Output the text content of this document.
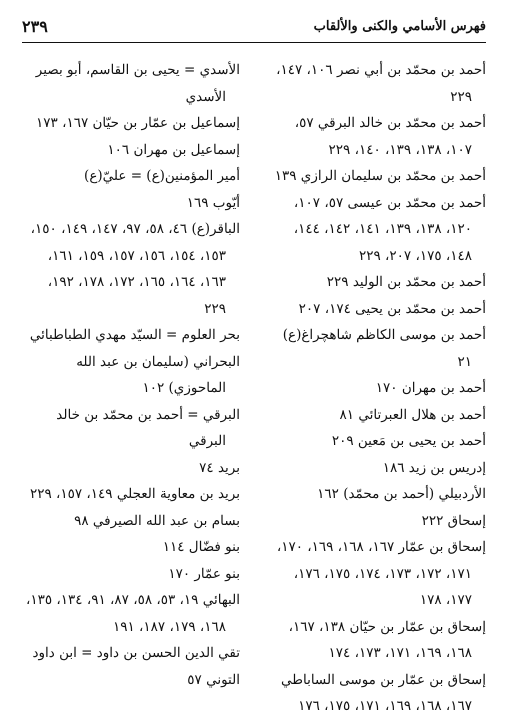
فهرس الأسامي والكنى والألقاب
٢٣٩
أحمد بن محمّد بن أبي نصر ١٠٦، ١٤٧، ٢٢٩
أحمد بن محمّد بن خالد البرقي ٥٧، ١٠٧، ١٣٨، ١٣٩، ١٤٠، ٢٢٩
أحمد بن محمّد بن سليمان الرازي ١٣٩
أحمد بن محمّد بن عيسى ٥٧، ١٠٧، ١٢٠، ١٣٨، ١٣٩، ١٤١، ١٤٢، ١٤٤، ١٤٨، ١٧٥، ٢٠٧، ٢٢٩
أحمد بن محمّد بن الوليد ٢٢٩
أحمد بن محمّد بن يحيى ١٧٤، ٢٠٧
أحمد بن موسى الكاظم شاهچراغ(ع) ٢١
أحمد بن مهران ١٧٠
أحمد بن هلال العبرتائي ٨١
أحمد بن يحيى بن مَعين ٢٠٩
إدريس بن زيد ١٨٦
الأردبيلي (أحمد بن محمّد) ١٦٢
إسحاق ٢٢٢
إسحاق بن عمّار ١٦٧، ١٦٨، ١٦٩، ١٧٠، ١٧١، ١٧٢، ١٧٣، ١٧٤، ١٧٥، ١٧٦، ١٧٧، ١٧٨
إسحاق بن عمّار بن حيّان ١٣٨، ١٦٧، ١٦٨، ١٦٩، ١٧١، ١٧٣، ١٧٤
إسحاق بن عمّار بن موسى الساباطي ١٦٧، ١٦٨، ١٦٩، ١٧١، ١٧٥، ١٧٦
الأسدي = يحيى بن القاسم، أبو بصير الأسدي
إسماعيل بن عمّار بن حيّان ١٦٧، ١٧٣
إسماعيل بن مهران ١٠٦
أمير المؤمنين(ع) = عليّ(ع)
أيّوب ١٦٩
الباقر(ع) ٤٦، ٥٨، ٩٧، ١٤٧، ١٤٩، ١٥٠، ١٥٣، ١٥٤، ١٥٦، ١٥٧، ١٥٩، ١٦١، ١٦٣، ١٦٤، ١٦٥، ١٧٢، ١٧٨، ١٩٢، ٢٢٩
بحر العلوم = السيّد مهدي الطباطبائي
البحراني (سليمان بن عبد الله الماحوزي) ١٠٢
البرقي = أحمد بن محمّد بن خالد البرقي
بريد ٧٤
بريد بن معاوية العجلي ١٤٩، ١٥٧، ٢٢٩
بسام بن عبد الله الصيرفي ٩٨
بنو فضّال ١١٤
بنو عمّار ١٧٠
البهائي ١٩، ٥٣، ٥٨، ٨٧، ٩١، ١٣٤، ١٣٥، ١٦٨، ١٧٩، ١٨٧، ١٩١
تقي الدين الحسن بن داود = ابن داود
التوني ٥٧
